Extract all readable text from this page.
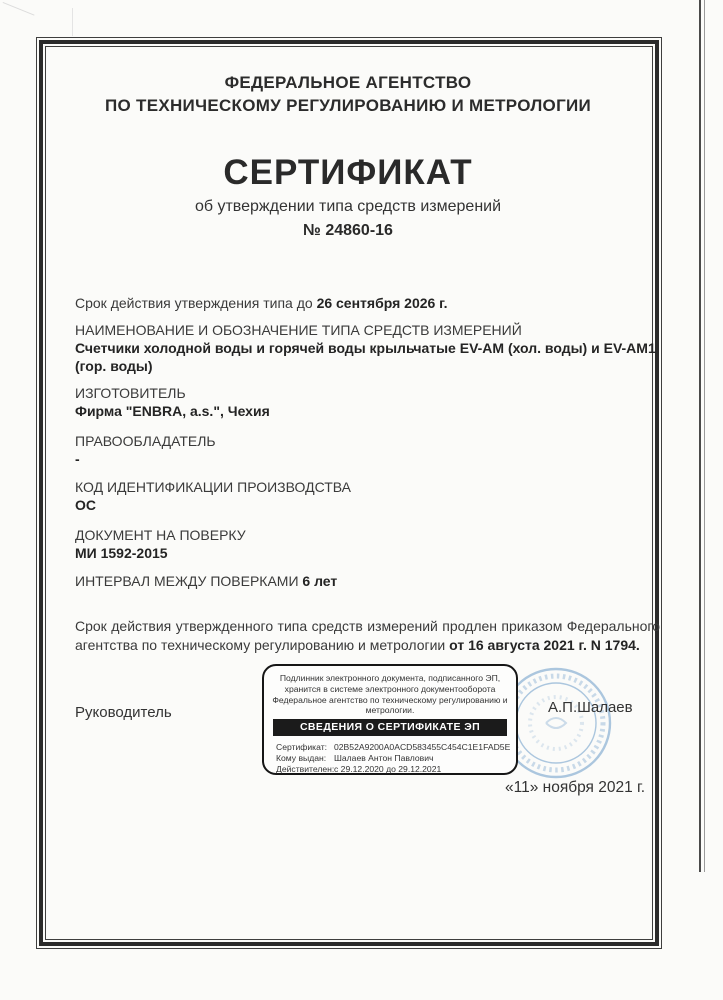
ФЕДЕРАЛЬНОЕ АГЕНТСТВО
ПО ТЕХНИЧЕСКОМУ РЕГУЛИРОВАНИЮ И МЕТРОЛОГИИ
СЕРТИФИКАТ
об утверждении типа средств измерений
№ 24860-16
Срок действия утверждения типа до 26 сентября 2026 г.
НАИМЕНОВАНИЕ И ОБОЗНАЧЕНИЕ ТИПА СРЕДСТВ ИЗМЕРЕНИЙ
Счетчики холодной воды и горячей воды крыльчатые EV-AM (хол. воды) и EV-AM1 (гор. воды)
ИЗГОТОВИТЕЛЬ
Фирма "ENBRA, a.s.", Чехия
ПРАВООБЛАДАТЕЛЬ
-
КОД ИДЕНТИФИКАЦИИ ПРОИЗВОДСТВА
ОС
ДОКУМЕНТ НА ПОВЕРКУ
МИ 1592-2015
ИНТЕРВАЛ МЕЖДУ ПОВЕРКАМИ 6 лет
Срок действия утвержденного типа средств измерений продлен приказом Федерального агентства по техническому регулированию и метрологии от 16 августа 2021 г. N 1794.
Руководитель	А.П.Шалаев
«11» ноября 2021 г.
Подлинник электронного документа, подписанного ЭП,
хранится в системе электронного документооборота
Федеральное агентство по техническому регулированию и
метрологии.
СВЕДЕНИЯ О СЕРТИФИКАТЕ ЭП
Сертификат: 02B52A9200A0ACD583455C454C1E1FAD5E
Кому выдан: Шалаев Антон Павлович
Действителен:с 29.12.2020 до 29.12.2021
